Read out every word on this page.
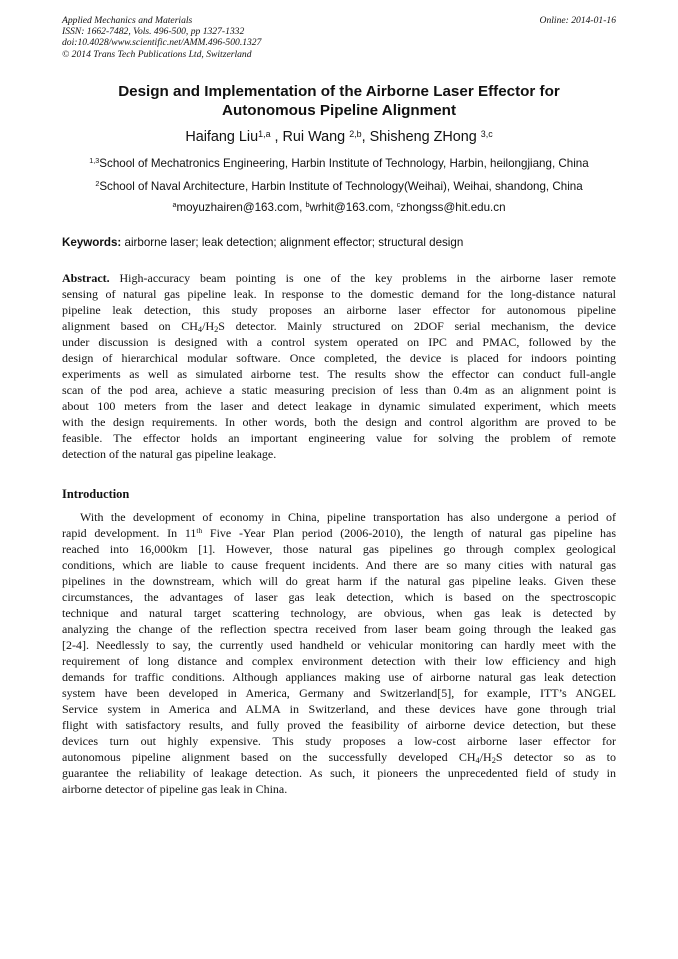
Applied Mechanics and Materials
ISSN: 1662-7482, Vols. 496-500, pp 1327-1332
doi:10.4028/www.scientific.net/AMM.496-500.1327
© 2014 Trans Tech Publications Ltd, Switzerland
Online: 2014-01-16
Design and Implementation of the Airborne Laser Effector for
Autonomous Pipeline Alignment
Haifang Liu$^{1,a}$ , Rui Wang $^{2,b}$, Shisheng ZHong $^{3,c}$
$^{1,3}$School of Mechatronics Engineering, Harbin Institute of Technology, Harbin, heilongjiang, China
$^2$School of Naval Architecture, Harbin Institute of Technology(Weihai), Weihai, shandong, China
$^a$moyuzhairen@163.com, $^b$wrhit@163.com, $^c$zhongss@hit.edu.cn
Keywords: airborne laser; leak detection; alignment effector; structural design
Abstract. High-accuracy beam pointing is one of the key problems in the airborne laser remote
sensing of natural gas pipeline leak. In response to the domestic demand for the long-distance natural
pipeline leak detection, this study proposes an airborne laser effector for autonomous pipeline
alignment based on $CH_4/H_2S$ detector. Mainly structured on 2DOF serial mechanism, the device
under discussion is designed with a control system operated on IPC and PMAC, followed by the
design of hierarchical modular software. Once completed, the device is placed for indoors pointing
experiments as well as simulated airborne test. The results show the effector can conduct full-angle
scan of the pod area, achieve a static measuring precision of less than 0.4m as an alignment point is
about 100 meters from the laser and detect leakage in dynamic simulated experiment, which meets
with the design requirements. In other words, both the design and control algorithm are proved to be
feasible. The effector holds an important engineering value for solving the problem of remote
detection of the natural gas pipeline leakage.
Introduction
With the development of economy in China, pipeline transportation has also undergone a period of
rapid development. In 11th Five -Year Plan period (2006-2010), the length of natural gas pipeline has
reached into 16,000km [1]. However, those natural gas pipelines go through complex geological
conditions, which are liable to cause frequent incidents. And there are so many cities with natural gas
pipelines in the downstream, which will do great harm if the natural gas pipeline leaks. Given these
circumstances, the advantages of laser gas leak detection, which is based on the spectroscopic
technique and natural target scattering technology, are obvious, when gas leak is detected by
analyzing the change of the reflection spectra received from laser beam going through the leaked gas
[2-4]. Needlessly to say, the currently used handheld or vehicular monitoring can hardly meet with the
requirement of long distance and complex environment detection with their low efficiency and high
demands for traffic conditions. Although appliances making use of airborne natural gas leak detection
system have been developed in America, Germany and Switzerland[5], for example, ITT’s ANGEL
Service system in America and ALMA in Switzerland, and these devices have gone through trial
flight with satisfactory results, and fully proved the feasibility of airborne device detection, but these
devices turn out highly expensive. This study proposes a low-cost airborne laser effector for
autonomous pipeline alignment based on the successfully developed $CH_4/H_2S$ detector so as to
guarantee the reliability of leakage detection. As such, it pioneers the unprecedented field of study in
airborne detector of pipeline gas leak in China.
